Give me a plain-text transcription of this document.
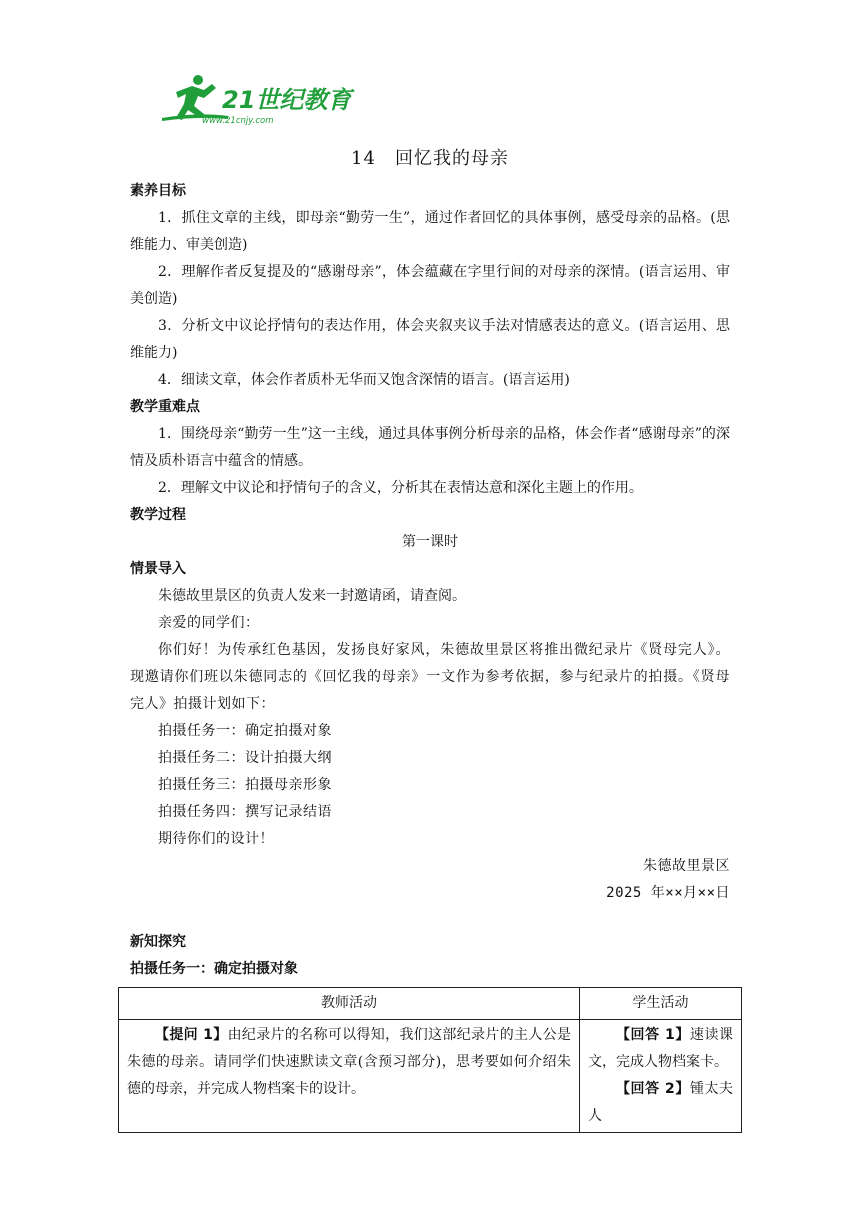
21世纪教育
www.21cnjy.com
14　回忆我的母亲
素养目标
1．抓住文章的主线，即母亲“勤劳一生”，通过作者回忆的具体事例，感受母亲的品格。(思维能力、审美创造)
2．理解作者反复提及的“感谢母亲”，体会蕴藏在字里行间的对母亲的深情。(语言运用、审美创造)
3．分析文中议论抒情句的表达作用，体会夹叙夹议手法对情感表达的意义。(语言运用、思维能力)
4．细读文章，体会作者质朴无华而又饱含深情的语言。(语言运用)
教学重难点
1．围绕母亲“勤劳一生”这一主线，通过具体事例分析母亲的品格，体会作者“感谢母亲”的深情及质朴语言中蕴含的情感。
2．理解文中议论和抒情句子的含义，分析其在表情达意和深化主题上的作用。
教学过程
第一课时
情景导入
朱德故里景区的负责人发来一封邀请函，请查阅。
亲爱的同学们：
你们好！为传承红色基因，发扬良好家风，朱德故里景区将推出微纪录片《贤母完人》。现邀请你们班以朱德同志的《回忆我的母亲》一文作为参考依据，参与纪录片的拍摄。《贤母完人》拍摄计划如下：
拍摄任务一：确定拍摄对象
拍摄任务二：设计拍摄大纲
拍摄任务三：拍摄母亲形象
拍摄任务四：撰写记录结语
期待你们的设计！
朱德故里景区
2025 年××月××日
新知探究
拍摄任务一：确定拍摄对象
教师活动	学生活动

【提问 1】由纪录片的名称可以得知，我们这部纪录片的主人公是朱德的母亲。请同学们快速默读文章(含预习部分)，思考要如何介绍朱德的母亲，并完成人物档案卡的设计。	【回答 1】速读课文，完成人物档案卡。
【回答 2】锺太夫人
